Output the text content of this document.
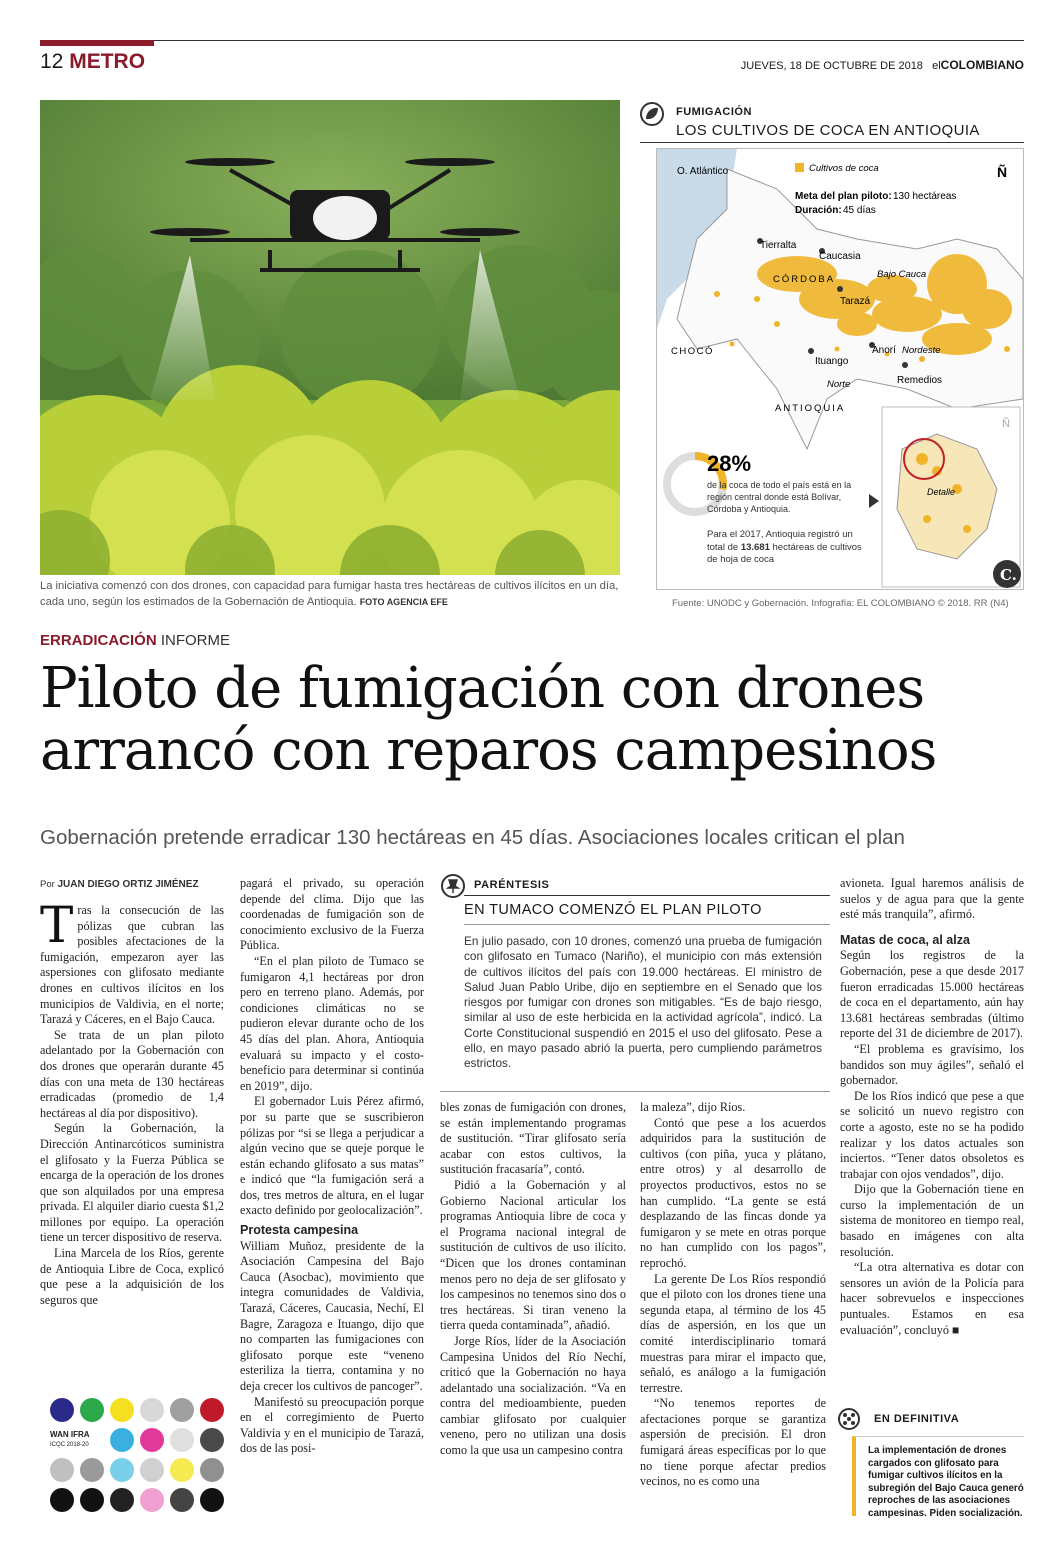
12 METRO	JUEVES, 18 DE OCTUBRE DE 2018 elCOLOMBIANO
La iniciativa comenzó con dos drones, con capacidad para fumigar hasta tres hectáreas de cultivos ilícitos en un día, cada uno, según los estimados de la Gobernación de Antioquia. FOTO AGENCIA EFE
FUMIGACIÓN
LOS CULTIVOS DE COCA EN ANTIOQUIA
O. Atlántico	Cultivos de coca
Meta del plan piloto: 130 hectáreas
Duración: 45 días
Ñ
Tierralta
Caucasia
Bajo Cauca
CÓRDOBA
Tarazá
CHOCÓ
Ituango
Anorí Nordeste
Norte	Remedios
ANTIOQUIA
28%
de la coca de todo el país está en la región central donde está Bolívar, Córdoba y Antioquia.
Para el 2017, Antioquia registró un total de 13.681 hectáreas de cultivos de hoja de coca
Ñ
Detalle
C.
Fuente: UNODC y Gobernación. Infografía: EL COLOMBIANO © 2018. RR (N4)
ERRADICACIÓN INFORME
Piloto de fumigación con drones arrancó con reparos campesinos
Gobernación pretende erradicar 130 hectáreas en 45 días. Asociaciones locales critican el plan
Por JUAN DIEGO ORTIZ JIMÉNEZ
T ras la consecución de las pólizas que cubran las posibles afectaciones de la fumigación, empezaron ayer las aspersiones con glifosato mediante drones en cultivos ilícitos en los municipios de Valdivia, en el norte; Tarazá y Cáceres, en el Bajo Cauca.

Se trata de un plan piloto adelantado por la Gobernación con dos drones que operarán durante 45 días con una meta de 130 hectáreas erradicadas (promedio de 1,4 hectáreas al día por dispositivo).

Según la Gobernación, la Dirección Antinarcóticos suministra el glifosato y la Fuerza Pública se encarga de la operación de los drones que son alquilados por una empresa privada. El alquiler diario cuesta $1,2 millones por equipo. La operación tiene un tercer dispositivo de reserva.

Lina Marcela de los Ríos, gerente de Antioquia Libre de Coca, explicó que pese a la adquisición de los seguros que

pagará el privado, su operación depende del clima. Dijo que las coordenadas de fumigación son de conocimiento exclusivo de la Fuerza Pública.

“En el plan piloto de Tumaco se fumigaron 4,1 hectáreas por dron pero en terreno plano. Además, por condiciones climáticas no se pudieron elevar durante ocho de los 45 días del plan. Ahora, Antioquia evaluará su impacto y el costo-beneficio para determinar si continúa en 2019”, dijo.

El gobernador Luis Pérez afirmó, por su parte que se suscribieron pólizas por “si se llega a perjudicar a algún vecino que se queje porque le están echando glifosato a sus matas” e indicó que “la fumigación será a dos, tres metros de altura, en el lugar exacto definido por geolocalización”.

Protesta campesina

William Muñoz, presidente de la Asociación Campesina del Bajo Cauca (Asocbac), movimiento que integra comunidades de Valdivia, Tarazá, Cáceres, Caucasia, Nechí, El Bagre, Zaragoza e Ituango, dijo que no comparten las fumigaciones con glifosato porque este “veneno esteriliza la tierra, contamina y no deja crecer los cultivos de pancoger”.

Manifestó su preocupación porque en el corregimiento de Puerto Valdivia y en el municipio de Tarazá, dos de las posi-

PARÉNTESIS
EN TUMACO COMENZÓ EL PLAN PILOTO
En julio pasado, con 10 drones, comenzó una prueba de fumigación con glifosato en Tumaco (Nariño), el municipio con más extensión de cultivos ilícitos del país con 19.000 hectáreas. El ministro de Salud Juan Pablo Uribe, dijo en septiembre en el Senado que los riesgos por fumigar con drones son mitigables. “Es de bajo riesgo, similar al uso de este herbicida en la actividad agrícola”, indicó. La Corte Constitucional suspendió en 2015 el uso del glifosato. Pese a ello, en mayo pasado abrió la puerta, pero cumpliendo parámetros estrictos.

bles zonas de fumigación con drones, se están implementando programas de sustitución. “Tirar glifosato sería acabar con estos cultivos, la sustitución fracasaría”, contó.

Pidió a la Gobernación y al Gobierno Nacional articular los programas Antioquia libre de coca y el Programa nacional integral de sustitución de cultivos de uso ilícito. “Dicen que los drones contaminan menos pero no deja de ser glifosato y los campesinos no tenemos sino dos o tres hectáreas. Si tiran veneno la tierra queda contaminada”, añadió.

Jorge Ríos, líder de la Asociación Campesina Unidos del Río Nechí, criticó que la Gobernación no haya adelantado una socialización. “Va en contra del medioambiente, pueden cambiar glifosato por cualquier veneno, pero no utilizan una dosis como la que usa un campesino contra

la maleza”, dijo Ríos.

Contó que pese a los acuerdos adquiridos para la sustitución de cultivos (con piña, yuca y plátano, entre otros) y al desarrollo de proyectos productivos, estos no se han cumplido. “La gente se está desplazando de las fincas donde ya fumigaron y se mete en otras porque no han cumplido con los pagos”, reprochó.

La gerente De Los Ríos respondió que el piloto con los drones tiene una segunda etapa, al término de los 45 días de aspersión, en los que un comité interdisciplinario tomará muestras para mirar el impacto que, señaló, es análogo a la fumigación terrestre.

“No tenemos reportes de afectaciones porque se garantiza aspersión de precisión. El dron fumigará áreas específicas por lo que no tiene porque afectar predios vecinos, no es como una

avioneta. Igual haremos análisis de suelos y de agua para que la gente esté más tranquila”, afirmó.

Matas de coca, al alza

Según los registros de la Gobernación, pese a que desde 2017 fueron erradicadas 15.000 hectáreas de coca en el departamento, aún hay 13.681 hectáreas sembradas (último reporte del 31 de diciembre de 2017).

“El problema es gravísimo, los bandidos son muy ágiles”, señaló el gobernador.

De los Ríos indicó que pese a que se solicitó un nuevo registro con corte a agosto, este no se ha podido realizar y los datos actuales son inciertos. “Tener datos obsoletos es trabajar con ojos vendados”, dijo.

Dijo que la Gobernación tiene en curso la implementación de un sistema de monitoreo en tiempo real, basado en imágenes con alta resolución.

“La otra alternativa es dotar con sensores un avión de la Policía para hacer sobrevuelos e inspecciones puntuales. Estamos en esa evaluación”, concluyó ■

EN DEFINITIVA
La implementación de drones cargados con glifosato para fumigar cultivos ilícitos en la subregión del Bajo Cauca generó reproches de las asociaciones campesinas. Piden socialización.
WAN IFRA
ICQC 2018-20
